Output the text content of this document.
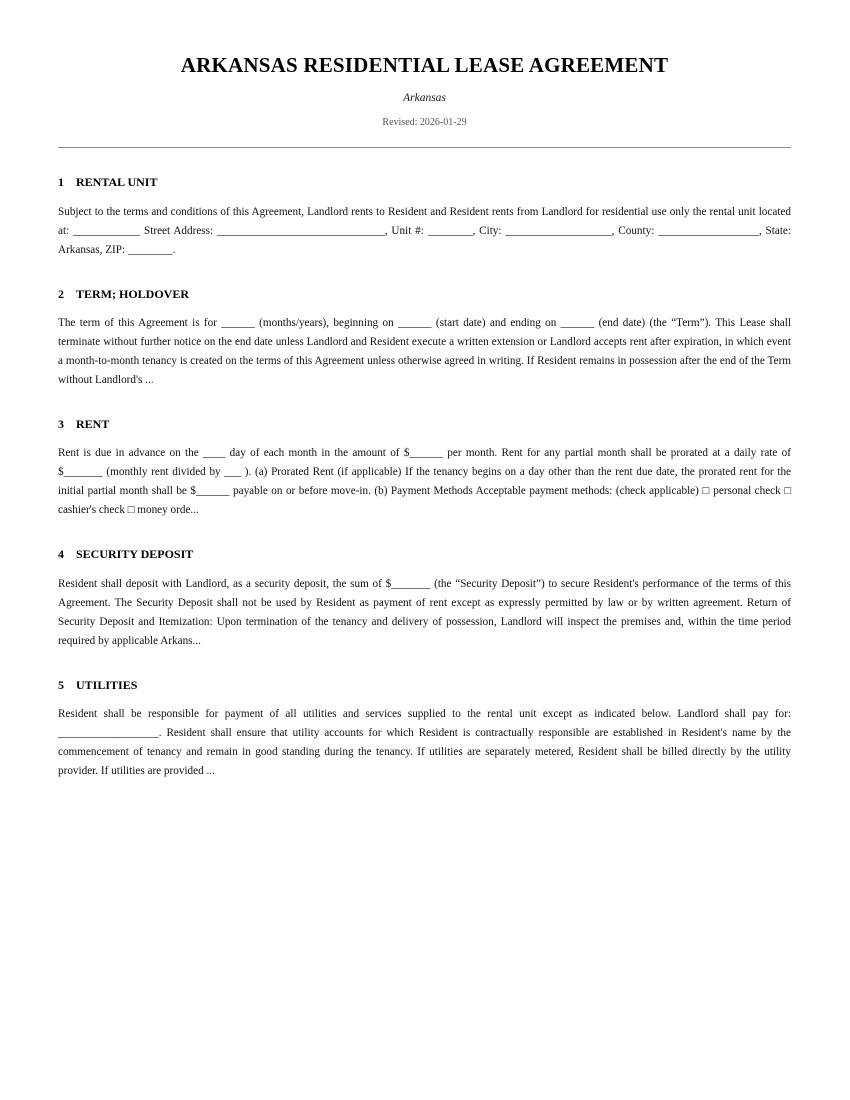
ARKANSAS RESIDENTIAL LEASE AGREEMENT
Arkansas
Revised: 2026-01-29
1 RENTAL UNIT

Subject to the terms and conditions of this Agreement, Landlord rents to Resident and Resident rents from Landlord for residential use only the rental unit located at: ____________ Street Address: ______________________________, Unit #: ________, City: ___________________, County: __________________, State: Arkansas, ZIP: ________.

2 TERM; HOLDOVER

The term of this Agreement is for ______ (months/years), beginning on ______ (start date) and ending on ______ (end date) (the “Term”). This Lease shall terminate without further notice on the end date unless Landlord and Resident execute a written extension or Landlord accepts rent after expiration, in which event a month-to-month tenancy is created on the terms of this Agreement unless otherwise agreed in writing. If Resident remains in possession after the end of the Term without Landlord's ...

3 RENT

Rent is due in advance on the ____ day of each month in the amount of $______ per month. Rent for any partial month shall be prorated at a daily rate of $_______ (monthly rent divided by ___ ). (a) Prorated Rent (if applicable) If the tenancy begins on a day other than the rent due date, the prorated rent for the initial partial month shall be $______ payable on or before move-in. (b) Payment Methods Acceptable payment methods: (check applicable) □ personal check □ cashier's check □ money orde...

4 SECURITY DEPOSIT

Resident shall deposit with Landlord, as a security deposit, the sum of $_______ (the “Security Deposit”) to secure Resident's performance of the terms of this Agreement. The Security Deposit shall not be used by Resident as payment of rent except as expressly permitted by law or by written agreement. Return of Security Deposit and Itemization: Upon termination of the tenancy and delivery of possession, Landlord will inspect the premises and, within the time period required by applicable Arkans...

5 UTILITIES

Resident shall be responsible for payment of all utilities and services supplied to the rental unit except as indicated below. Landlord shall pay for: __________________. Resident shall ensure that utility accounts for which Resident is contractually responsible are established in Resident's name by the commencement of tenancy and remain in good standing during the tenancy. If utilities are separately metered, Resident shall be billed directly by the utility provider. If utilities are provided ...
